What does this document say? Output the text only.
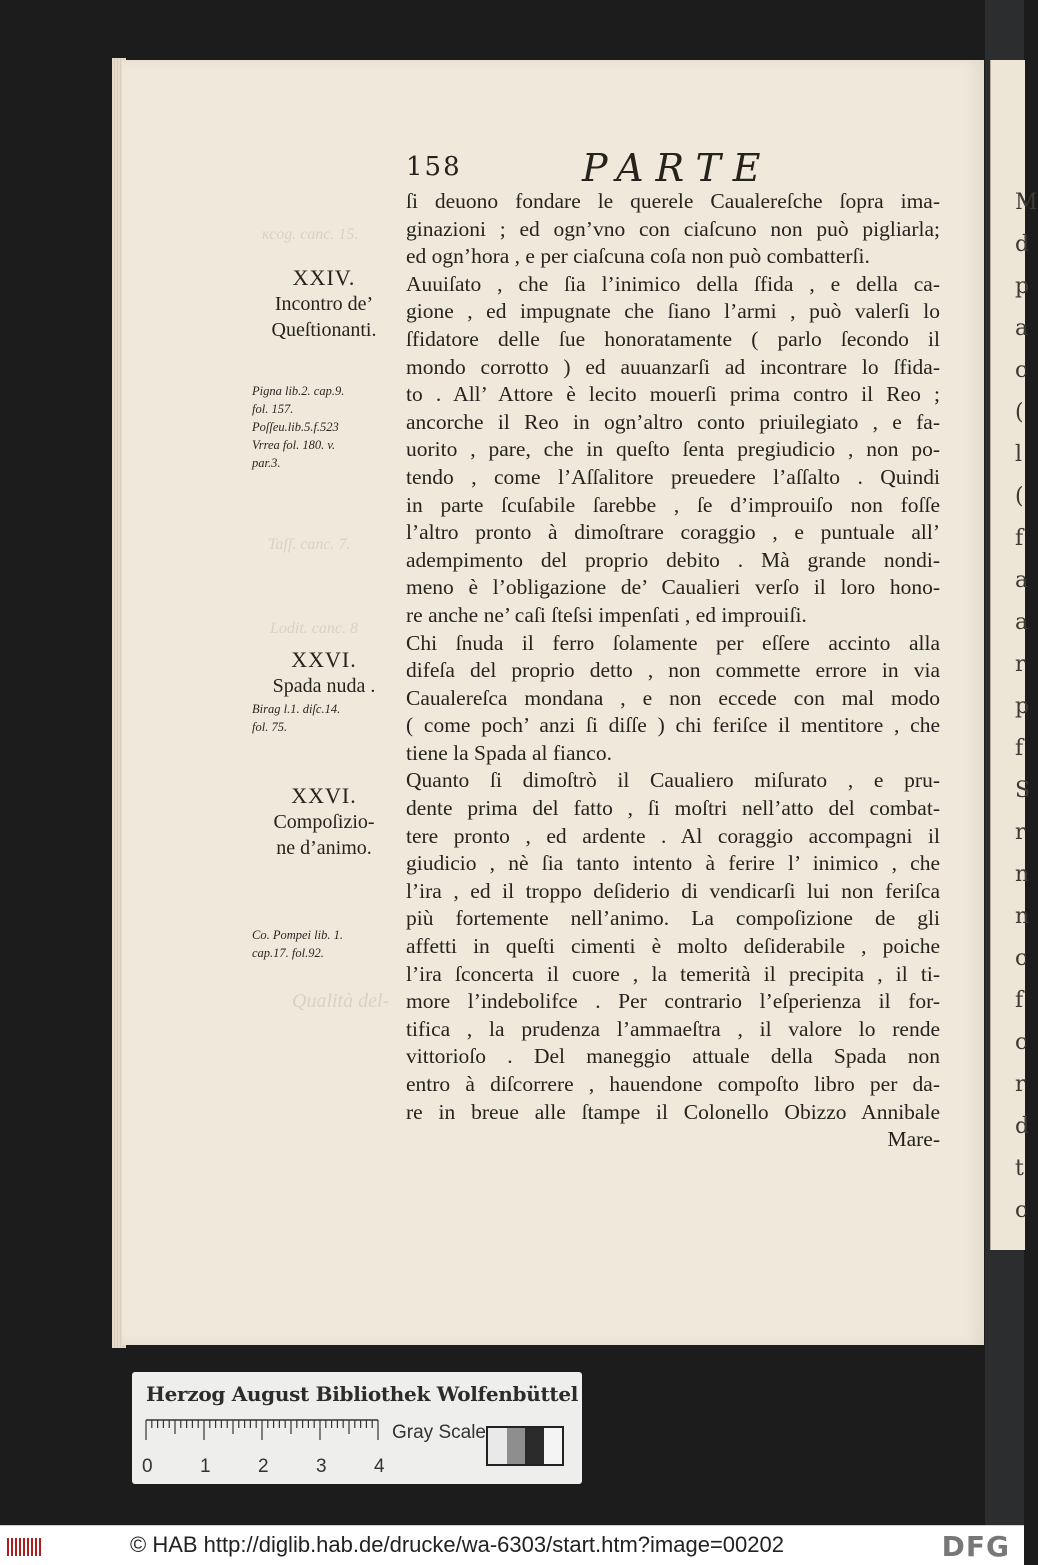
M
d
p
a
c
(
l
(
f
a
a
r
p
f
S
r
n
n
c
f
c
r
d
t
c
ĸcog. canc. 15.
Taſſ. canc. 7.
Lodit. canc. 8
Qualità del-
158	PARTE
ſi deuono fondare le querele Caualereſche ſopra ima-
ginazioni ; ed ogn’vno con ciaſcuno non può pigliarla;
ed ogn’hora , e per ciaſcuna coſa non può combatterſi.
Auuiſato , che ſia l’inimico della ſfida , e della ca-
gione , ed impugnate che ſiano l’armi , può valerſi lo
ſfidatore delle ſue honoratamente ( parlo ſecondo il
mondo corrotto ) ed auuanzarſi ad incontrare lo ſfida-
to . All’ Attore è lecito mouerſi prima contro il Reo ;
ancorche il Reo in ogn’altro conto priuilegiato , e fa-
uorito , pare, che in queſto ſenta pregiudicio , non po-
tendo , come l’Aſſalitore preuedere l’aſſalto . Quindi
in parte ſcuſabile ſarebbe , ſe d’improuiſo non foſſe
l’altro pronto à dimoſtrare coraggio , e puntuale all’
adempimento del proprio debito . Mà grande nondi-
meno è l’obligazione de’ Caualieri verſo il loro hono-
re anche ne’ caſi ſteſsi impenſati , ed improuiſi.
Chi ſnuda il ferro ſolamente per eſſere accinto alla
difeſa del proprio detto , non commette errore in via
Caualereſca mondana , e non eccede con mal modo
( come poch’ anzi ſi diſſe ) chi feriſce il mentitore , che
tiene la Spada al fianco.
Quanto ſi dimoſtrò il Caualiero miſurato , e pru-
dente prima del fatto , ſi moſtri nell’atto del combat-
tere pronto , ed ardente . Al coraggio accompagni il
giudicio , nè ſia tanto intento à ferire l’ inimico , che
l’ira , ed il troppo deſiderio di vendicarſi lui non feriſca
più fortemente nell’animo. La compoſizione de gli
affetti in queſti cimenti è molto deſiderabile , poiche
l’ira ſconcerta il cuore , la temerità il precipita , il ti-
more l’indebolifce . Per contrario l’eſperienza il for-
tifica , la prudenza l’ammaeſtra , il valore lo rende
vittorioſo . Del maneggio attuale della Spada non
entro à diſcorrere , hauendone compoſto libro per da-
re in breue alle ſtampe il Colonello Obizzo Annibale
Mare-
XXIV.
Incontro de’
Queſtionanti.
Pigna lib.2. cap.9.
fol. 157.
Poſſeu.lib.5.f.523
Vrrea fol. 180. v.
par.3.
XXVI.
Spada nuda .
Birag l.1. diſc.14.
fol. 75.
XXVI.
Compoſizio-
ne d’animo.
Co. Pompei lib. 1.
cap.17. fol.92.
Herzog August Bibliothek Wolfenbüttel
0 1 2 3 4
Gray Scale
© HAB http://diglib.hab.de/drucke/wa-6303/start.htm?image=00202	DFG
